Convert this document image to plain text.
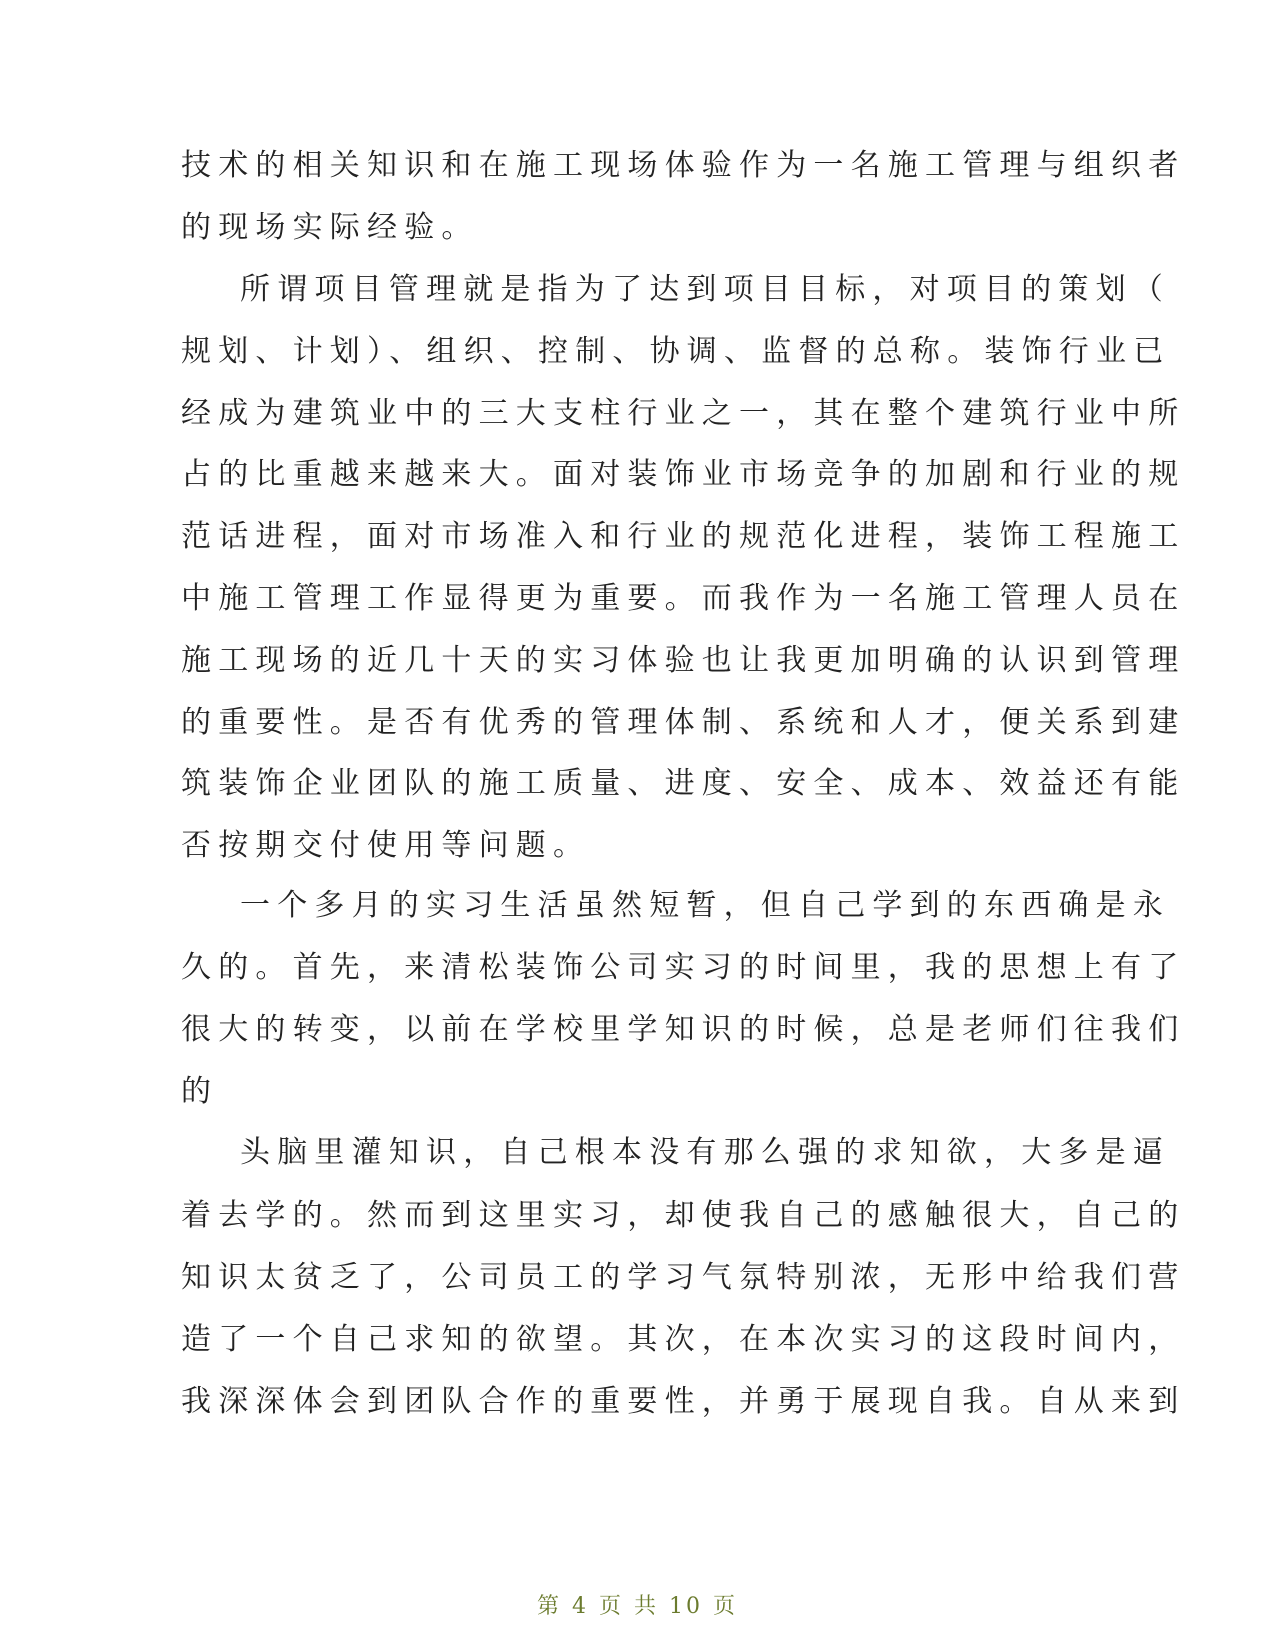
技术的相关知识和在施工现场体验作为一名施工管理与组织者
的现场实际经验。
所谓项目管理就是指为了达到项目目标，对项目的策划（
规划、计划）、组织、控制、协调、监督的总称。装饰行业已
经成为建筑业中的三大支柱行业之一，其在整个建筑行业中所
占的比重越来越来大。面对装饰业市场竞争的加剧和行业的规
范话进程，面对市场准入和行业的规范化进程，装饰工程施工
中施工管理工作显得更为重要。而我作为一名施工管理人员在
施工现场的近几十天的实习体验也让我更加明确的认识到管理
的重要性。是否有优秀的管理体制、系统和人才，便关系到建
筑装饰企业团队的施工质量、进度、安全、成本、效益还有能
否按期交付使用等问题。
一个多月的实习生活虽然短暂，但自己学到的东西确是永
久的。首先，来清松装饰公司实习的时间里，我的思想上有了
很大的转变，以前在学校里学知识的时候，总是老师们往我们
的
头脑里灌知识，自己根本没有那么强的求知欲，大多是逼
着去学的。然而到这里实习，却使我自己的感触很大，自己的
知识太贫乏了，公司员工的学习气氛特别浓，无形中给我们营
造了一个自己求知的欲望。其次，在本次实习的这段时间内，
我深深体会到团队合作的重要性，并勇于展现自我。自从来到
第 4 页 共 10 页
